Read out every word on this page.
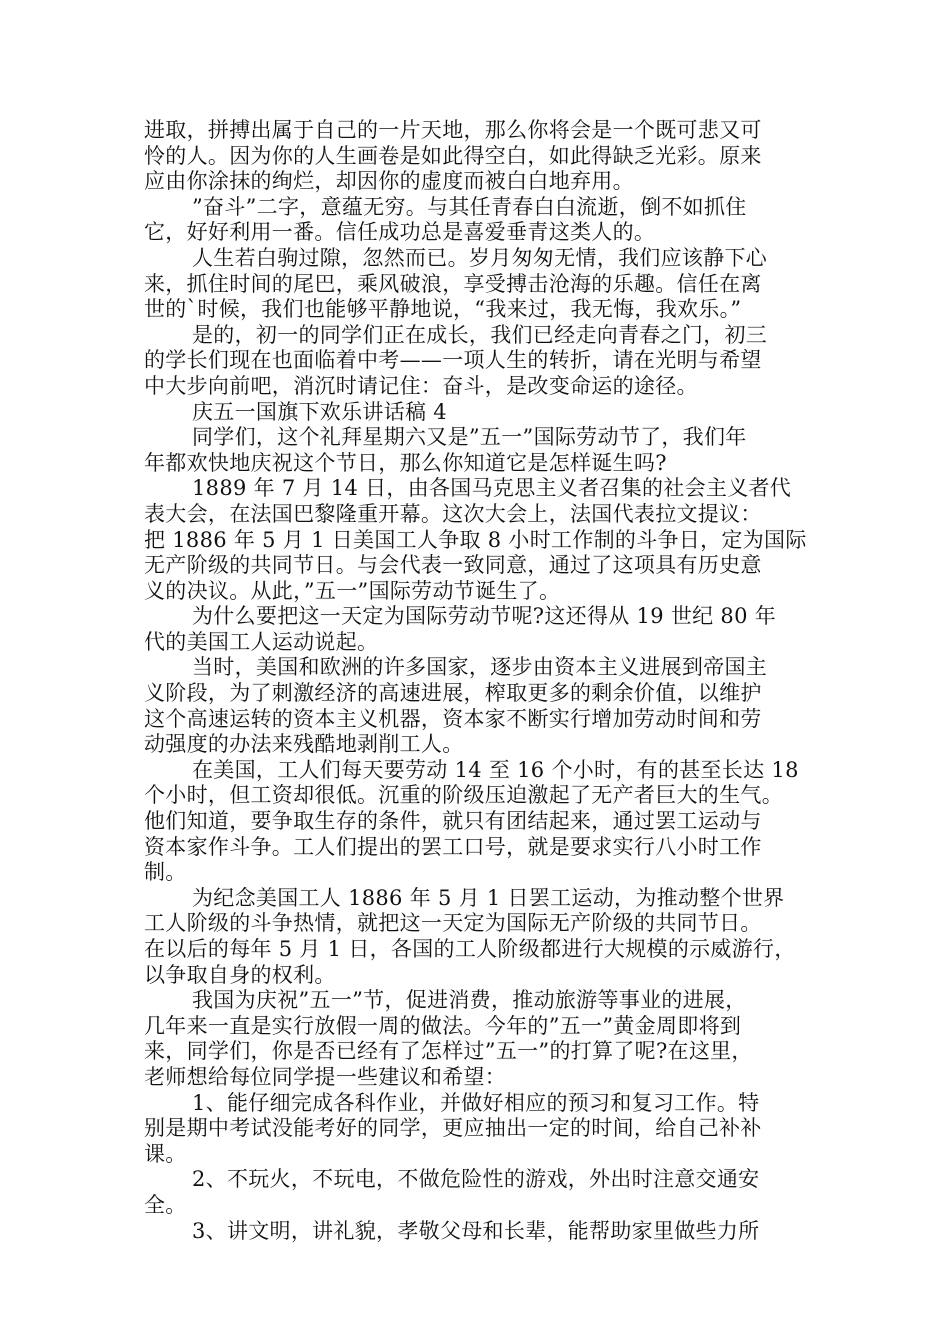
进取，拼搏出属于自己的一片天地，那么你将会是一个既可悲又可
怜的人。因为你的人生画卷是如此得空白，如此得缺乏光彩。原来
应由你涂抹的绚烂，却因你的虚度而被白白地弃用。
”奋斗”二字，意蕴无穷。与其任青春白白流逝，倒不如抓住
它，好好利用一番。信任成功总是喜爱垂青这类人的。
人生若白驹过隙，忽然而已。岁月匆匆无情，我们应该静下心
来，抓住时间的尾巴，乘风破浪，享受搏击沧海的乐趣。信任在离
世的`时候，我们也能够平静地说，“我来过，我无悔，我欢乐。”
是的，初一的同学们正在成长，我们已经走向青春之门，初三
的学长们现在也面临着中考——一项人生的转折，请在光明与希望
中大步向前吧，消沉时请记住：奋斗，是改变命运的途径。
庆五一国旗下欢乐讲话稿 4
同学们，这个礼拜星期六又是”五一”国际劳动节了，我们年
年都欢快地庆祝这个节日，那么你知道它是怎样诞生吗?
1889 年 7 月 14 日，由各国马克思主义者召集的社会主义者代
表大会，在法国巴黎隆重开幕。这次大会上，法国代表拉文提议：
把 1886 年 5 月 1 日美国工人争取 8 小时工作制的斗争日，定为国际
无产阶级的共同节日。与会代表一致同意，通过了这项具有历史意
义的决议。从此，”五一”国际劳动节诞生了。
为什么要把这一天定为国际劳动节呢?这还得从 19 世纪 80 年
代的美国工人运动说起。
当时，美国和欧洲的许多国家，逐步由资本主义进展到帝国主
义阶段，为了刺激经济的高速进展，榨取更多的剩余价值，以维护
这个高速运转的资本主义机器，资本家不断实行增加劳动时间和劳
动强度的办法来残酷地剥削工人。
在美国，工人们每天要劳动 14 至 16 个小时，有的甚至长达 18
个小时，但工资却很低。沉重的阶级压迫激起了无产者巨大的生气。
他们知道，要争取生存的条件，就只有团结起来，通过罢工运动与
资本家作斗争。工人们提出的罢工口号，就是要求实行八小时工作
制。
为纪念美国工人 1886 年 5 月 1 日罢工运动，为推动整个世界
工人阶级的斗争热情，就把这一天定为国际无产阶级的共同节日。
在以后的每年 5 月 1 日，各国的工人阶级都进行大规模的示威游行，
以争取自身的权利。
我国为庆祝”五一”节，促进消费，推动旅游等事业的进展，
几年来一直是实行放假一周的做法。今年的”五一”黄金周即将到
来，同学们，你是否已经有了怎样过”五一”的打算了呢?在这里，
老师想给每位同学提一些建议和希望：
1、能仔细完成各科作业，并做好相应的预习和复习工作。特
别是期中考试没能考好的同学，更应抽出一定的时间，给自己补补
课。
2、不玩火，不玩电，不做危险性的游戏，外出时注意交通安
全。
3、讲文明，讲礼貌，孝敬父母和长辈，能帮助家里做些力所
